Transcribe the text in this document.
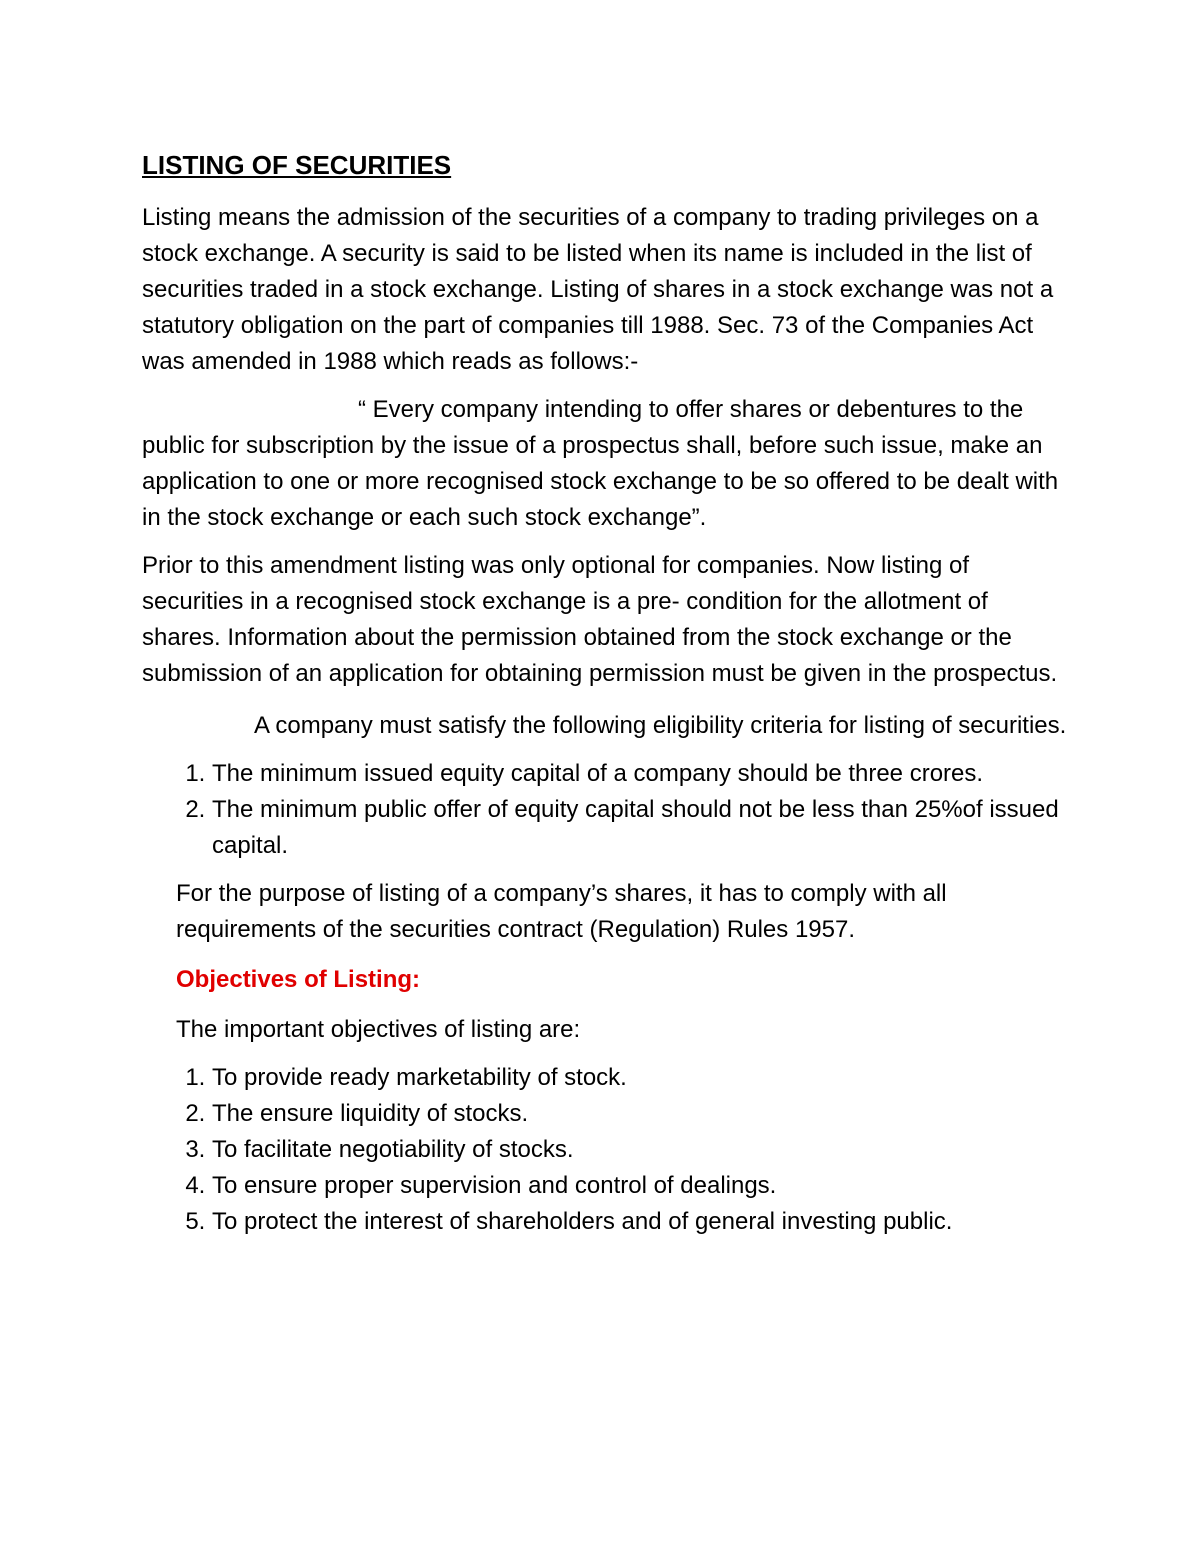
LISTING OF SECURITIES

Listing means the admission of the securities of a company to trading privileges on a stock exchange. A security is said to be listed when its name is included in the list of securities traded in a stock exchange. Listing of shares in a stock exchange was not a statutory obligation on the part of companies till 1988. Sec. 73 of the Companies Act was amended in 1988 which reads as follows:-

“ Every company intending to offer shares or debentures to the public for subscription by the issue of a prospectus shall, before such issue, make an application to one or more recognised stock exchange to be so offered to be dealt with in the stock exchange or each such stock exchange”.

Prior to this amendment listing was only optional for companies. Now listing of securities in a recognised stock exchange is a pre- condition for the allotment of shares. Information about the permission obtained from the stock exchange or the submission of an application for obtaining permission must be given in the prospectus.

A company must satisfy the following eligibility criteria for listing of securities.

1. The minimum issued equity capital of a company should be three crores.
2. The minimum public offer of equity capital should not be less than 25%of issued capital.

For the purpose of listing of a company’s shares, it has to comply with all requirements of the securities contract (Regulation) Rules 1957.

Objectives of Listing:

The important objectives of listing are:

1. To provide ready marketability of stock.
2. The ensure liquidity of stocks.
3. To facilitate negotiability of stocks.
4. To ensure proper supervision and control of dealings.
5. To protect the interest of shareholders and of general investing public.
